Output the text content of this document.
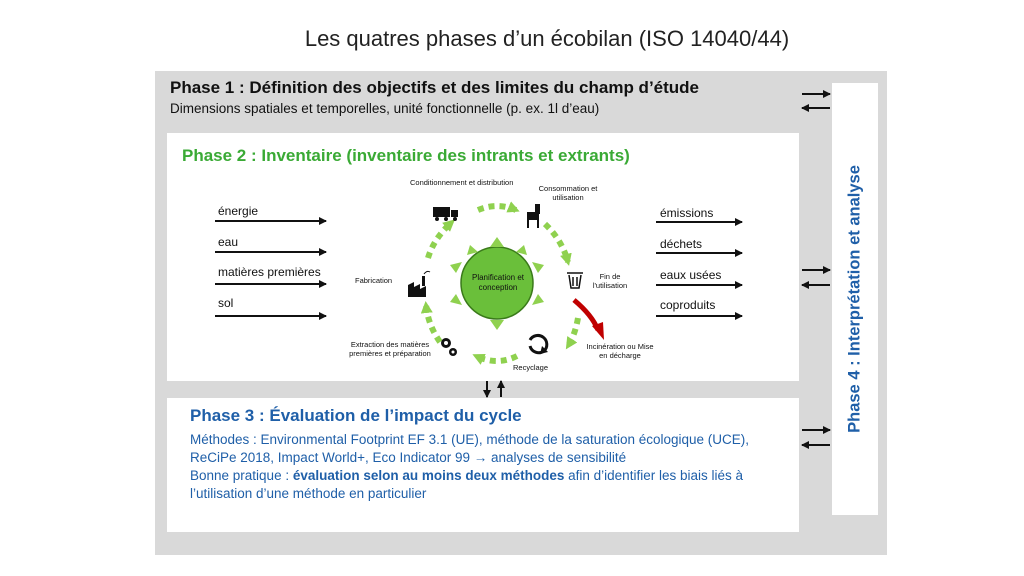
Les quatres phases d’un écobilan (ISO 14040/44)
Phase 1 : Définition des objectifs et des limites du champ d’étude
Dimensions spatiales et temporelles, unité fonctionnelle (p. ex. 1l d’eau)
Phase 2 : Inventaire (inventaire des intrants et extrants)
Phase 3 : Évaluation de l’impact du cycle
Méthodes : Environmental Footprint EF 3.1 (UE), méthode de la saturation écologique (UCE), ReCiPe 2018, Impact World+, Eco Indicator 99 → analyses de sensibilité
Bonne pratique : évaluation selon au moins deux méthodes afin d’identifier les biais liés à l’utilisation d’une méthode en particulier
Phase 4 : Interprétation et analyse
énergie
eau
matières premières
sol
émissions
déchets
eaux usées
coproduits
Conditionnement et distribution
Consommation et utilisation
Fin de l'utilisation
Incinération ou Mise en décharge
Recyclage
Extraction des matières premières et préparation
Fabrication	Planification et conception
